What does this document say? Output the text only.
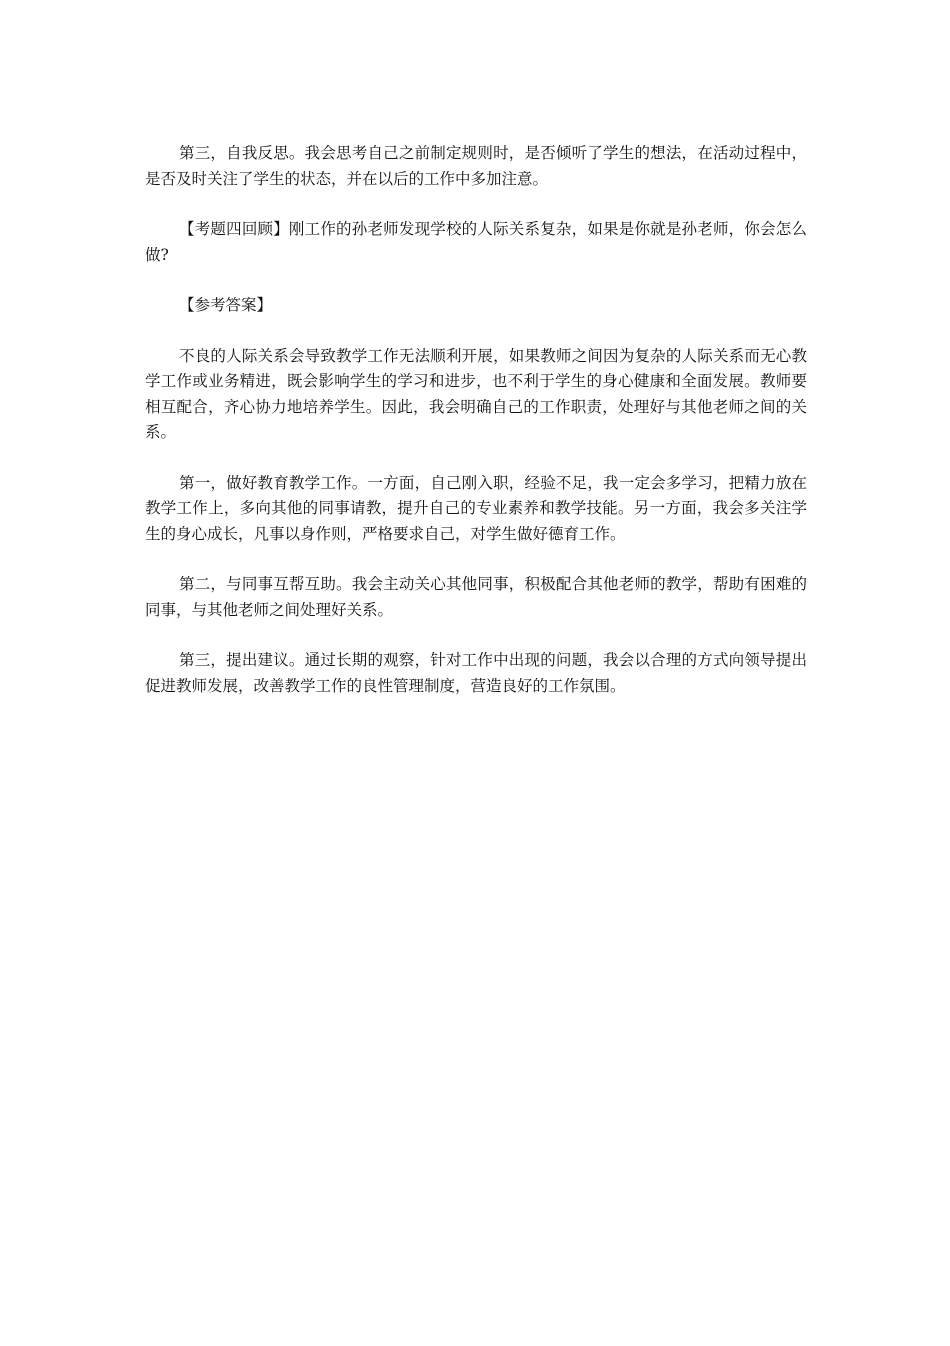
第三，自我反思。我会思考自己之前制定规则时，是否倾听了学生的想法，在活动过程中，是否及时关注了学生的状态，并在以后的工作中多加注意。

【考题四回顾】刚工作的孙老师发现学校的人际关系复杂，如果是你就是孙老师，你会怎么做?

【参考答案】

不良的人际关系会导致教学工作无法顺利开展，如果教师之间因为复杂的人际关系而无心教学工作或业务精进，既会影响学生的学习和进步，也不利于学生的身心健康和全面发展。教师要相互配合，齐心协力地培养学生。因此，我会明确自己的工作职责，处理好与其他老师之间的关系。

第一，做好教育教学工作。一方面，自己刚入职，经验不足，我一定会多学习，把精力放在教学工作上，多向其他的同事请教，提升自己的专业素养和教学技能。另一方面，我会多关注学生的身心成长，凡事以身作则，严格要求自己，对学生做好德育工作。

第二，与同事互帮互助。我会主动关心其他同事，积极配合其他老师的教学，帮助有困难的同事，与其他老师之间处理好关系。

第三，提出建议。通过长期的观察，针对工作中出现的问题，我会以合理的方式向领导提出促进教师发展，改善教学工作的良性管理制度，营造良好的工作氛围。
